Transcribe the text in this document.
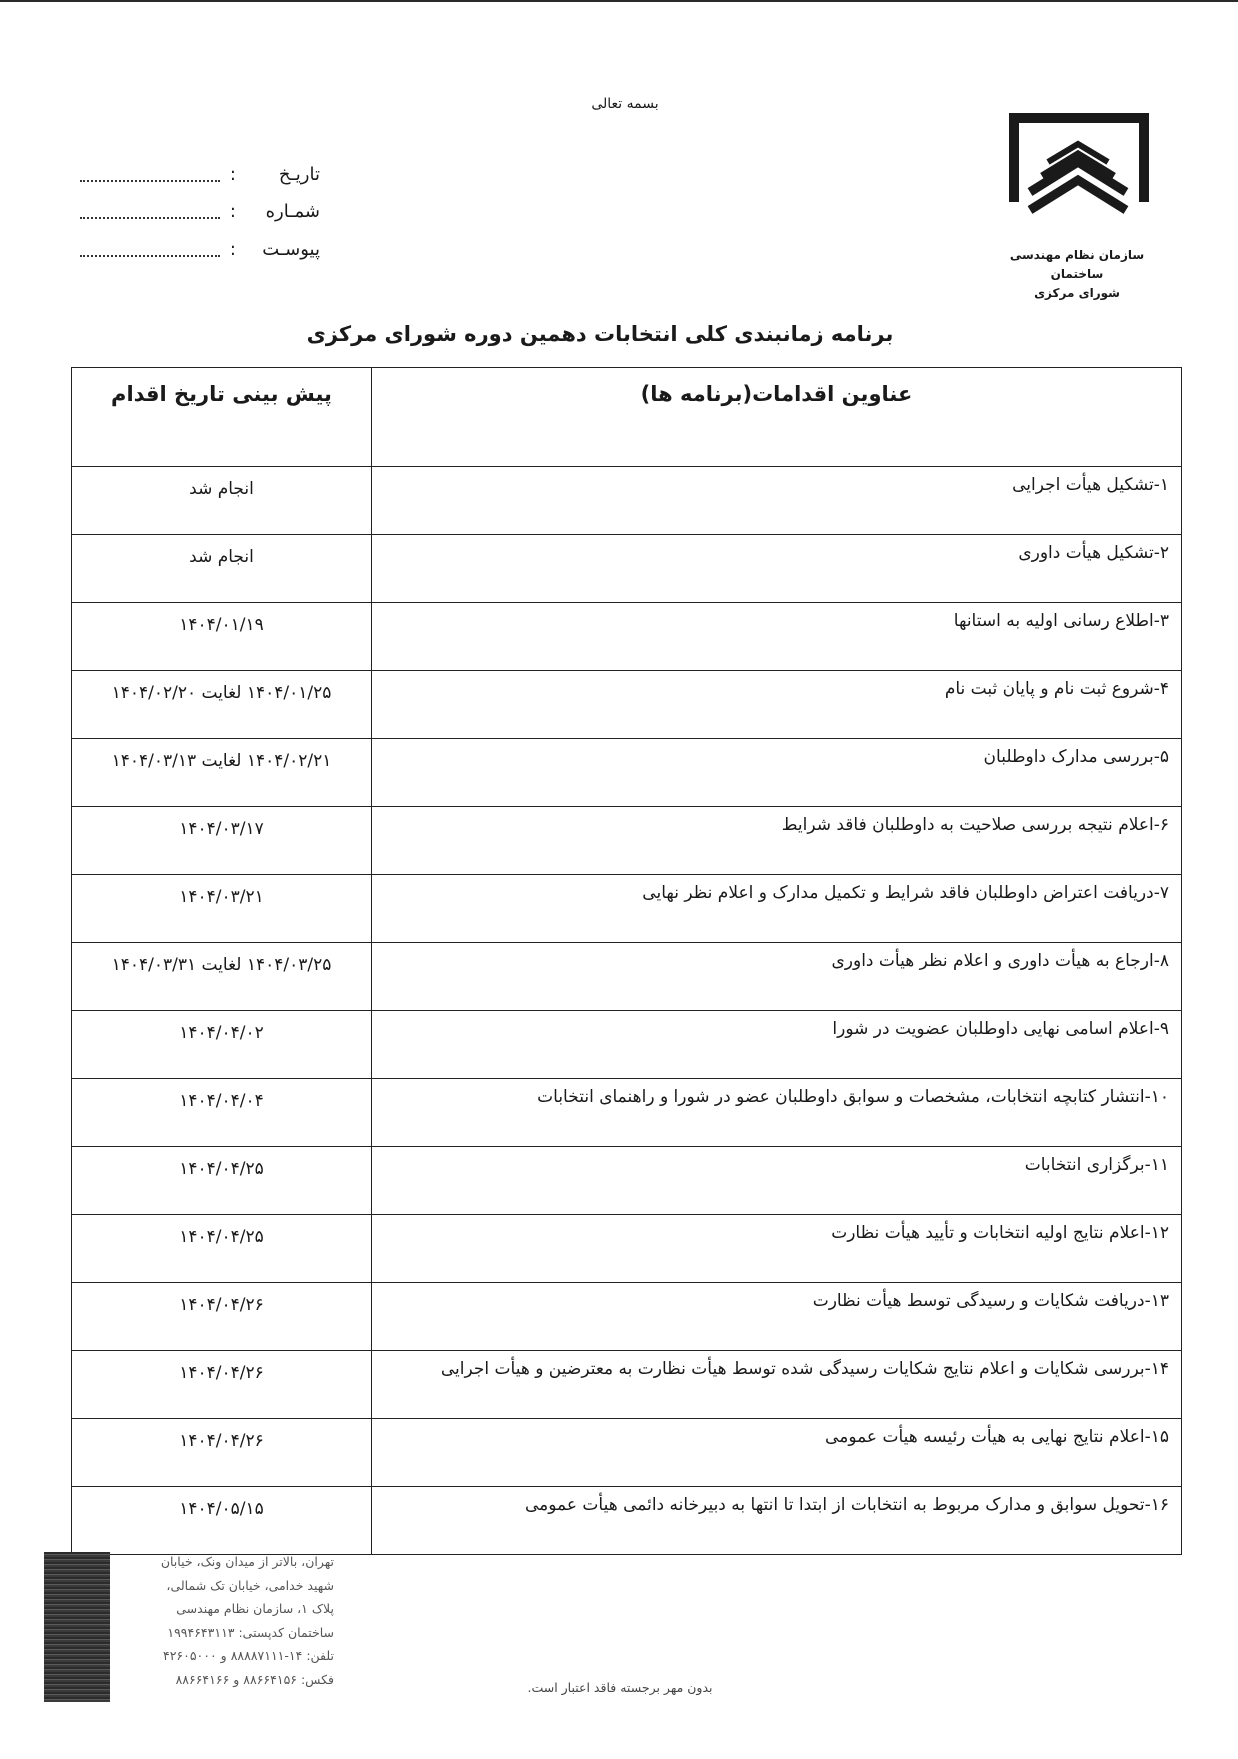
بسمه تعالی
تاریـخ
:
شمـاره
:
پیوسـت
:	سازمان نظام مهندسی ساختمان
شورای مرکزی
برنامه زمانبندی کلی انتخابات دهمین دوره شورای مرکزی
عناوین اقدامات(برنامه ها)	پیش بینی تاریخ اقدام
۱-تشکیل هیأت اجرایی	انجام شد
۲-تشکیل هیأت داوری	انجام شد
۳-اطلاع رسانی اولیه به استانها	۱۴۰۴/۰۱/۱۹
۴-شروع ثبت نام و پایان ثبت نام	۱۴۰۴/۰۱/۲۵ لغایت ۱۴۰۴/۰۲/۲۰
۵-بررسی مدارک داوطلبان	۱۴۰۴/۰۲/۲۱ لغایت ۱۴۰۴/۰۳/۱۳
۶-اعلام نتیجه بررسی صلاحیت به داوطلبان فاقد شرایط	۱۴۰۴/۰۳/۱۷
۷-دریافت اعتراض داوطلبان فاقد شرایط و تکمیل مدارک و اعلام نظر نهایی	۱۴۰۴/۰۳/۲۱
۸-ارجاع به هیأت داوری و اعلام نظر هیأت داوری	۱۴۰۴/۰۳/۲۵ لغایت ۱۴۰۴/۰۳/۳۱
۹-اعلام اسامی نهایی داوطلبان عضویت در شورا	۱۴۰۴/۰۴/۰۲
۱۰-انتشار کتابچه انتخابات، مشخصات و سوابق داوطلبان عضو در شورا و راهنمای انتخابات	۱۴۰۴/۰۴/۰۴
۱۱-برگزاری انتخابات	۱۴۰۴/۰۴/۲۵
۱۲-اعلام نتایج اولیه انتخابات و تأیید هیأت نظارت	۱۴۰۴/۰۴/۲۵
۱۳-دریافت شکایات و رسیدگی توسط هیأت نظارت	۱۴۰۴/۰۴/۲۶
۱۴-بررسی شکایات و اعلام نتایج شکایات رسیدگی شده توسط هیأت نظارت به معترضین و هیأت اجرایی	۱۴۰۴/۰۴/۲۶
۱۵-اعلام نتایج نهایی به هیأت رئیسه هیأت عمومی	۱۴۰۴/۰۴/۲۶
۱۶-تحویل سوابق و مدارک مربوط به انتخابات از ابتدا تا انتها به دبیرخانه دائمی هیأت عمومی	۱۴۰۴/۰۵/۱۵
تهران، بالاتر از میدان ونک، خیابان
شهید خدامی، خیابان تک شمالی،
پلاک ۱، سازمان نظام مهندسی
ساختمان کدپستی: ۱۹۹۴۶۴۳۱۱۳
تلفن: ۱۴-۸۸۸۸۷۱۱۱ و ۴۲۶۰۵۰۰۰
فکس: ۸۸۶۶۴۱۵۶ و ۸۸۶۶۴۱۶۶
بدون مهر برجسته فاقد اعتبار است.
